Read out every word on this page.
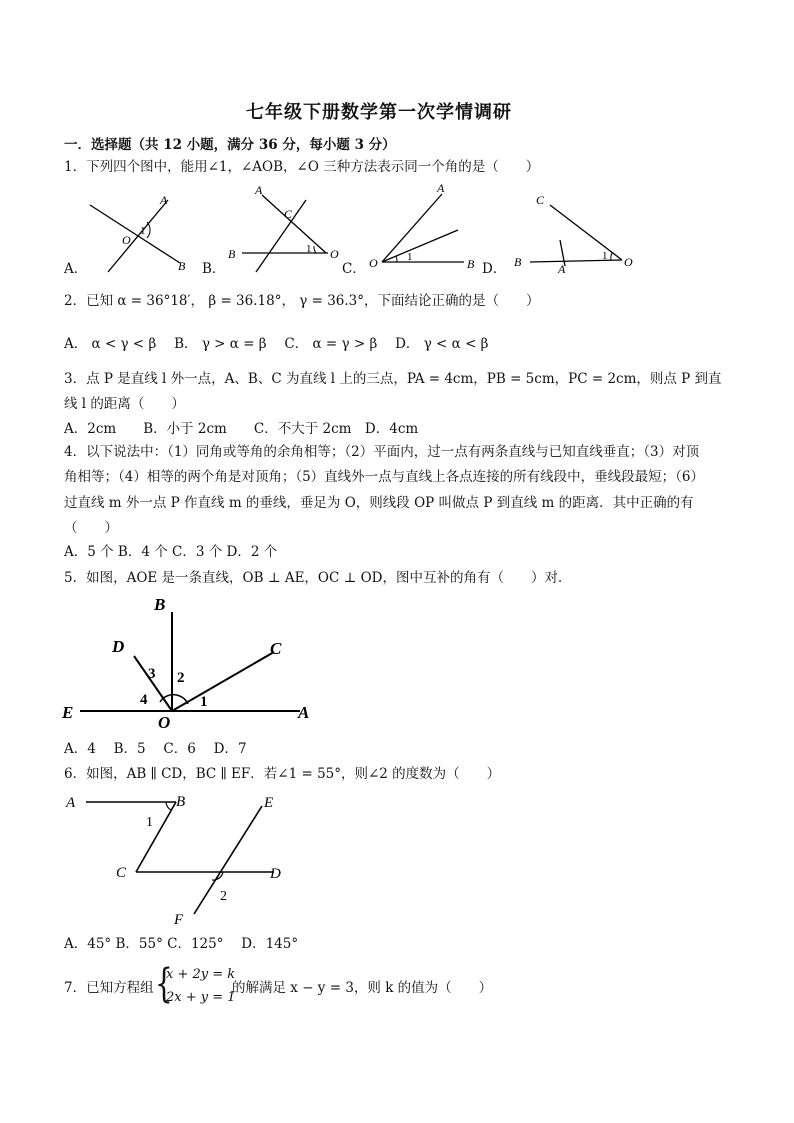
七年级下册数学第一次学情调研
一．选择题（共 12 小题，满分 36 分，每小题 3 分）
1．下列四个图中，能用∠1，∠AOB，∠O 三种方法表示同一个角的是（　　）
A
O
1
B
A
C
B	1 O
A
O	1	B
C
B	A
1 O
A．	B．	C．	D．
2．已知 α = 36°18′， β = 36.18°， γ = 36.3°，下面结论正确的是（　　）
A． α < γ < β　 B． γ > α = β　 C． α = γ > β　 D． γ < α < β
3．点 P 是直线 l 外一点，A、B、C 为直线 l 上的三点，PA = 4cm，PB = 5cm，PC = 2cm，则点 P 到直
线 l 的距离（　　）
A．2cm　　B．小于 2cm　　C．不大于 2cm　D．4cm
4．以下说法中：（1）同角或等角的余角相等；（2）平面内，过一点有两条直线与已知直线垂直；（3）对顶
角相等；（4）相等的两个角是对顶角；（5）直线外一点与直线上各点连接的所有线段中，垂线段最短；（6）
过直线 m 外一点 P 作直线 m 的垂线，垂足为 O，则线段 OP 叫做点 P 到直线 m 的距离．其中正确的有
（　　）
A．5 个 B．4 个 C．3 个 D．2 个
5．如图，AOE 是一条直线，OB ⊥ AE，OC ⊥ OD，图中互补的角有（　　）对．
B
D	C
3 2
4	1
E
O
A
A．4　 B．5　 C．6　 D．7
6．如图，AB ∥ CD，BC ∥ EF．若∠1 = 55°，则∠2 的度数为（　　）
A	B	E
1
C	D
2
F
A．45° B．55° C．125°　 D．145°
7．已知方程组 {
x + 2y = k
2x + y = 1
的解满足 x − y = 3，则 k 的值为（　　）
